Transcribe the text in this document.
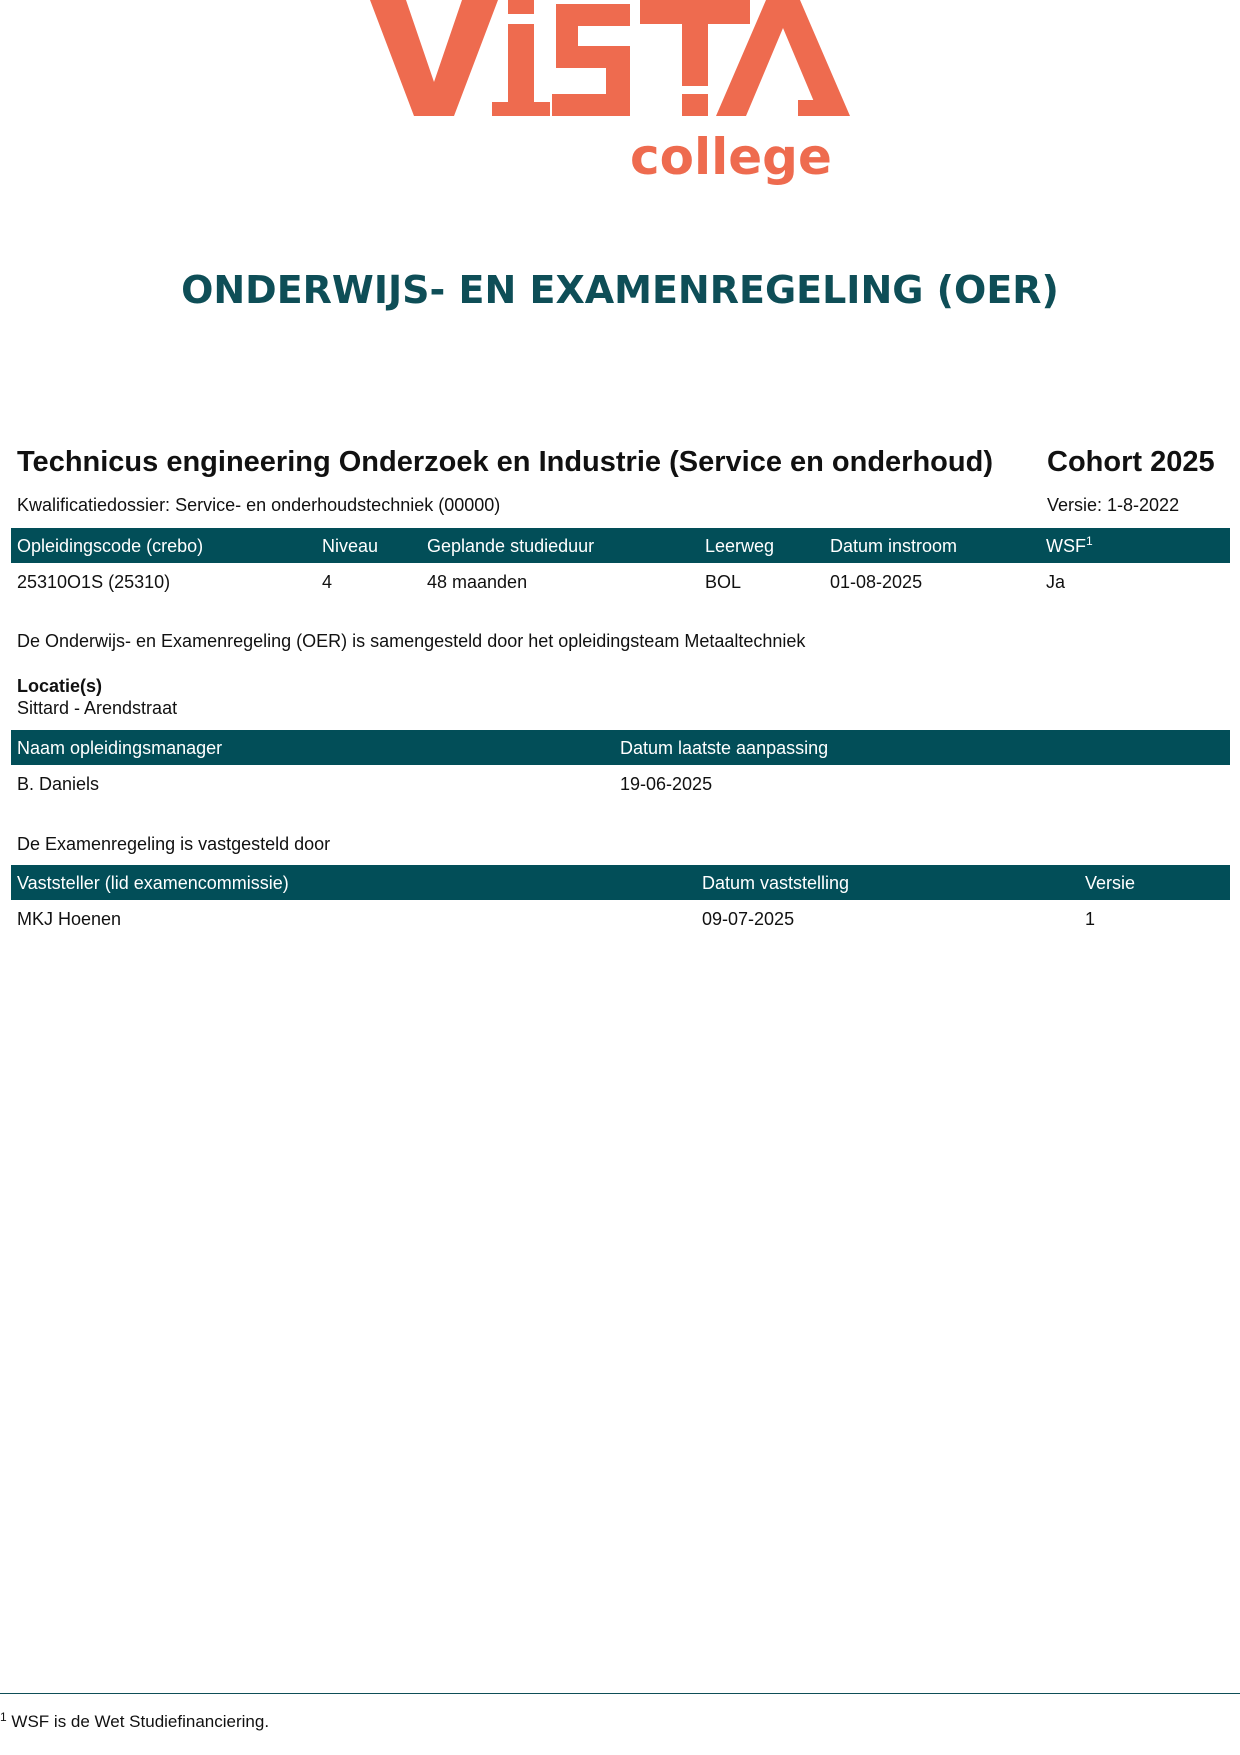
college
ONDERWIJS- EN EXAMENREGELING (OER)
Technicus engineering Onderzoek en Industrie (Service en onderhoud) Cohort 2025
Kwalificatiedossier: Service- en onderhoudstechniek (00000)	Versie: 1-8-2022
Opleidingscode (crebo)	Niveau	Geplande studieduur	Leerweg	Datum instroom	WSF$^1$
25310O1S (25310)	4	48 maanden	BOL	01-08-2025	Ja
De Onderwijs- en Examenregeling (OER) is samengesteld door het opleidingsteam Metaaltechniek
Locatie(s)
Sittard - Arendstraat
Naam opleidingsmanager	Datum laatste aanpassing
B. Daniels	19-06-2025
De Examenregeling is vastgesteld door
Vaststeller (lid examencommissie)	Datum vaststelling	Versie
MKJ Hoenen	09-07-2025	1
$^1$ WSF is de Wet Studiefinanciering.
